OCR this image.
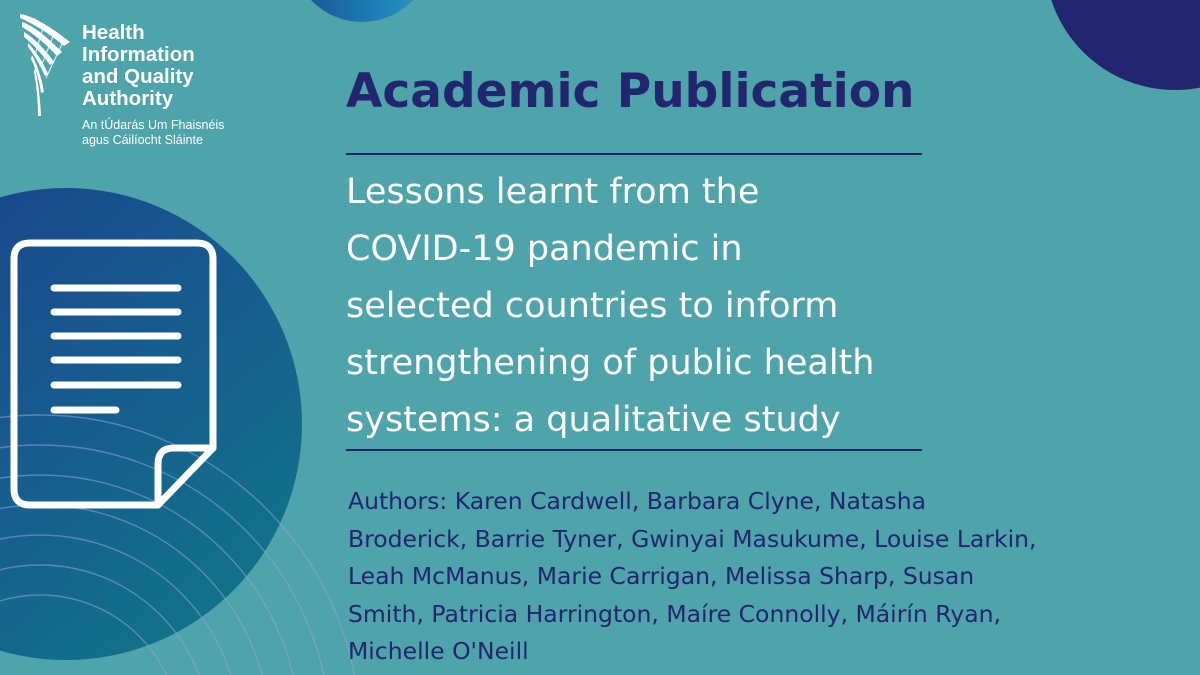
Health
Information
and Quality
Authority
An tÚdarás Um Fhaisnéis
agus Cáilíocht Sláinte
Academic Publication
Lessons learnt from the
COVID-19 pandemic in
selected countries to inform
strengthening of public health
systems: a qualitative study
Authors: Karen Cardwell, Barbara Clyne, Natasha
Broderick, Barrie Tyner, Gwinyai Masukume, Louise Larkin,
Leah McManus, Marie Carrigan, Melissa Sharp, Susan
Smith, Patricia Harrington, Maíre Connolly, Máirín Ryan,
Michelle O'Neill
